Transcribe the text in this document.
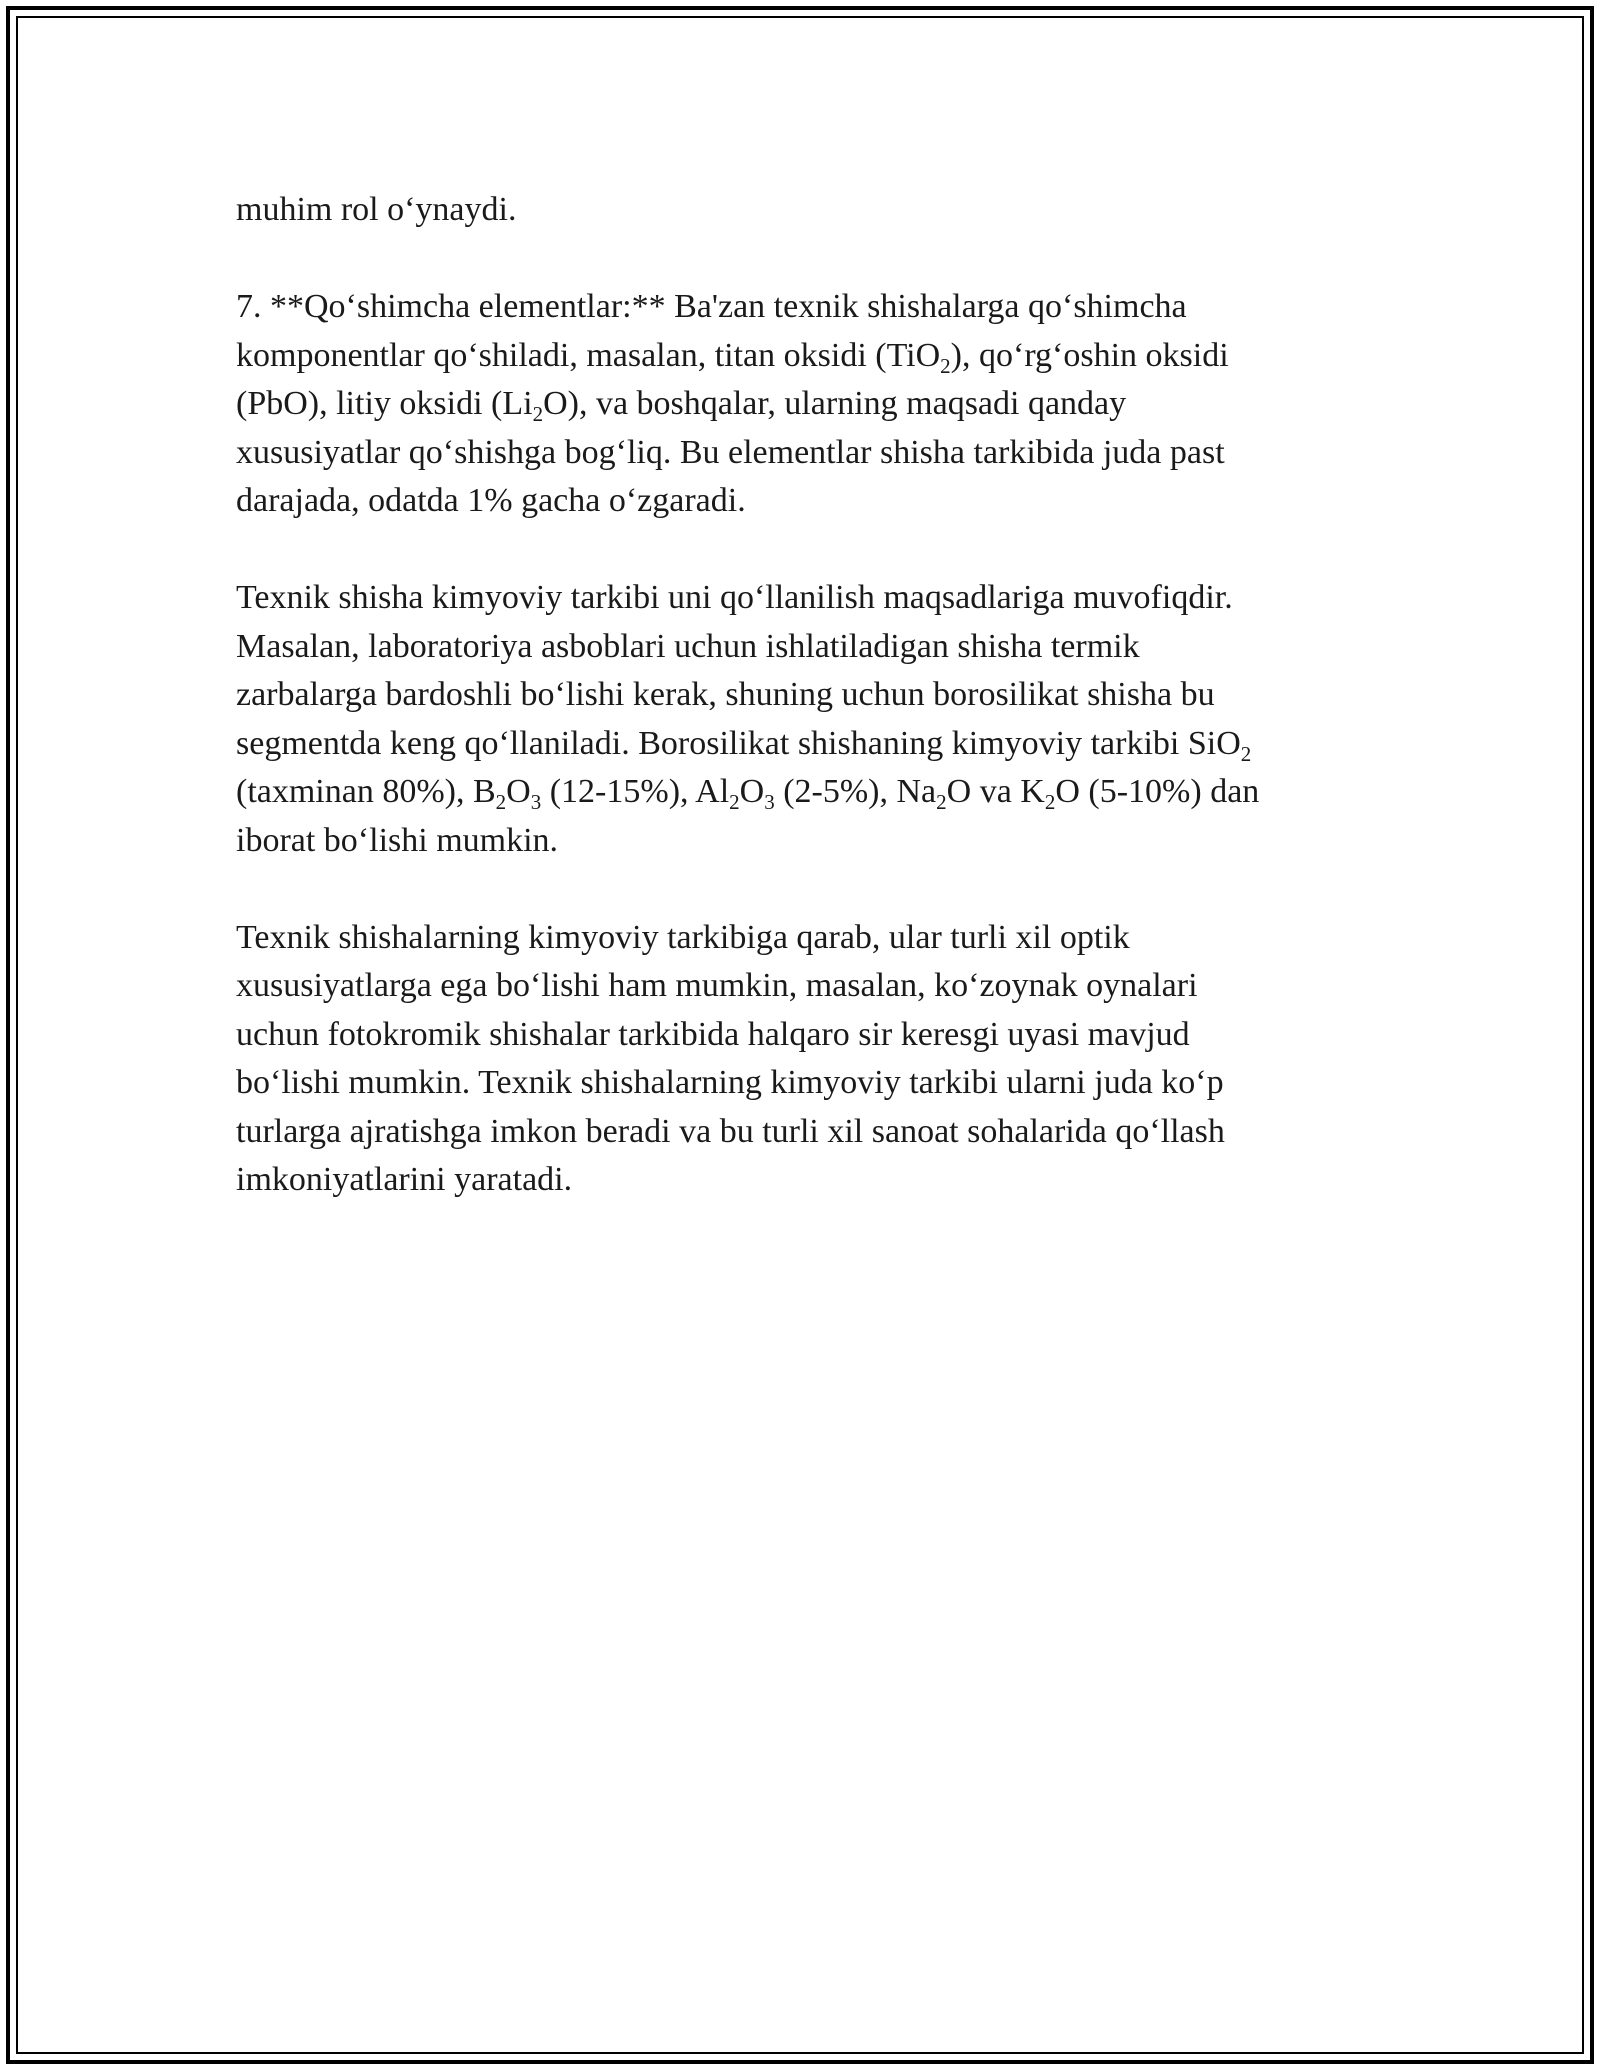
muhim rol o‘ynaydi.

7. **Qo‘shimcha elementlar:** Ba'zan texnik shishalarga qo‘shimcha
komponentlar qo‘shiladi, masalan, titan oksidi (TiO$_2$), qo‘rg‘oshin oksidi
(PbO), litiy oksidi $(Li_2O)$, va boshqalar, ularning maqsadi qanday
xususiyatlar qo‘shishga bog‘liq. Bu elementlar shisha tarkibida juda past
darajada, odatda 1% gacha o‘zgaradi.

Texnik shisha kimyoviy tarkibi uni qo‘llanilish maqsadlariga muvofiqdir.
Masalan, laboratoriya asboblari uchun ishlatiladigan shisha termik
zarbalarga bardoshli bo‘lishi kerak, shuning uchun borosilikat shisha bu
segmentda keng qo‘llaniladi. Borosilikat shishaning kimyoviy tarkibi SiO$_2$
(taxminan 80%), $B_2O_3$ (12-15%), $Al_2O_3$ (2-5%), $Na_2O$ va $K_2O$ (5-10%) dan
iborat bo‘lishi mumkin.

Texnik shishalarning kimyoviy tarkibiga qarab, ular turli xil optik
xususiyatlarga ega bo‘lishi ham mumkin, masalan, ko‘zoynak oynalari
uchun fotokromik shishalar tarkibida halqaro sir keresgi uyasi mavjud
bo‘lishi mumkin. Texnik shishalarning kimyoviy tarkibi ularni juda ko‘p
turlarga ajratishga imkon beradi va bu turli xil sanoat sohalarida qo‘llash
imkoniyatlarini yaratadi.
